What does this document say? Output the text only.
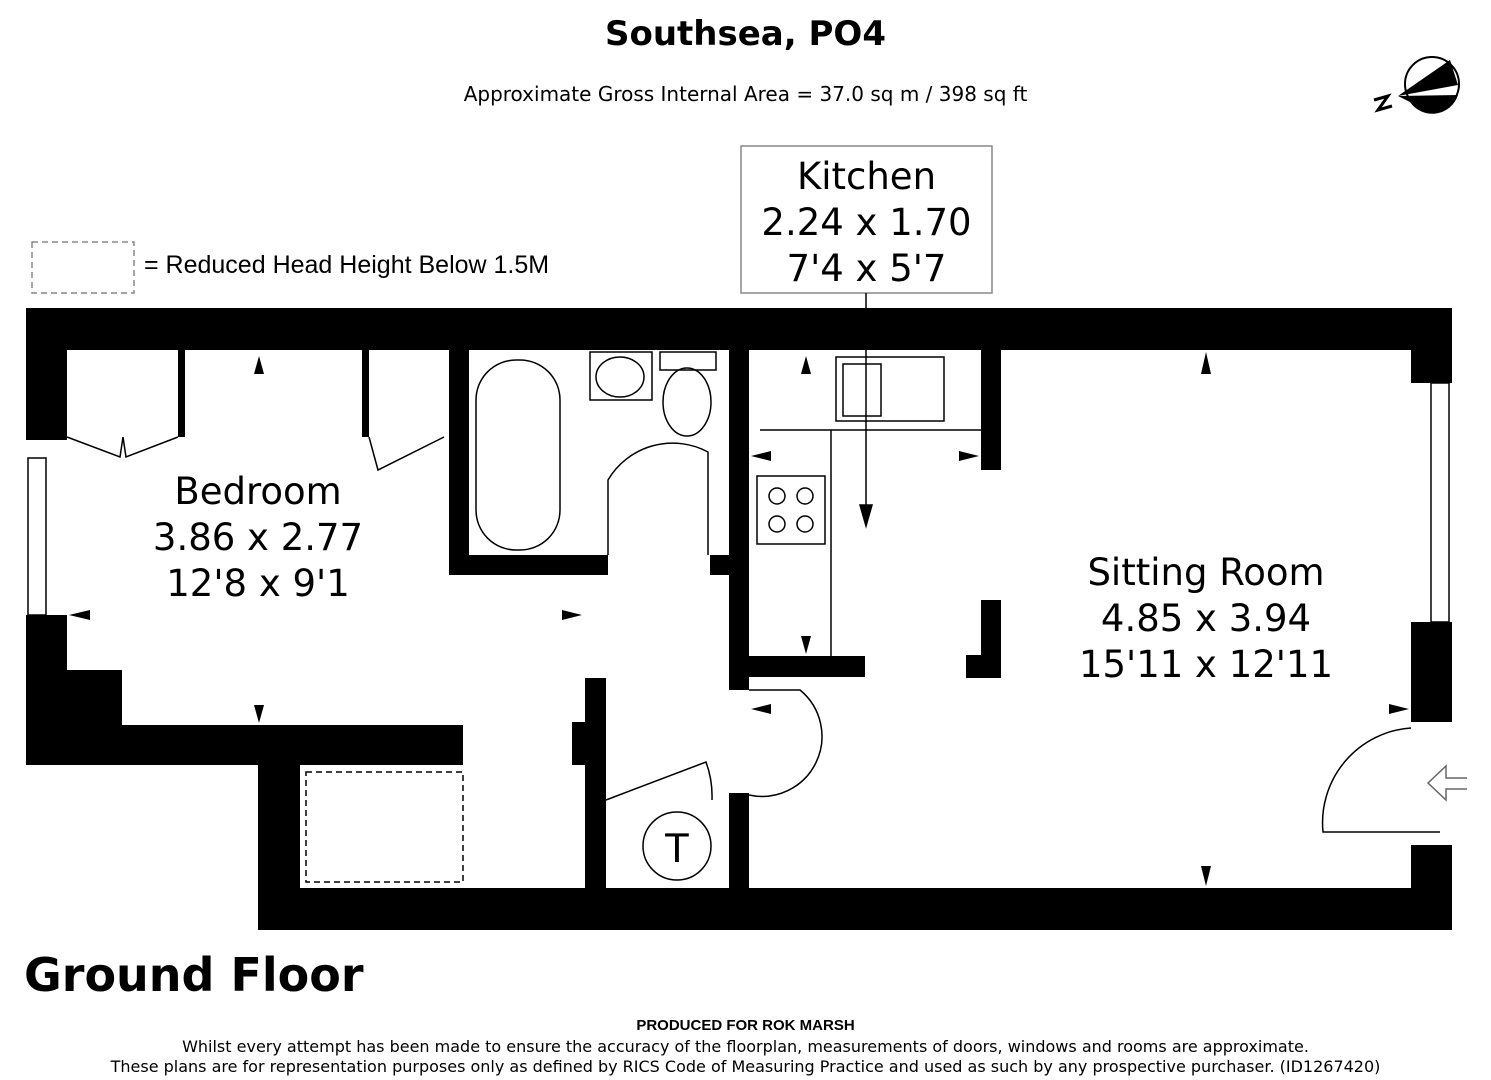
T
Southsea, PO4
Approximate Gross Internal Area = 37.0 sq m / 398 sq ft
= Reduced Head Height Below 1.5M
Kitchen
2.24 x 1.70
7'4 x 5'7
Bedroom
3.86 x 2.77
12'8 x 9'1	Sitting Room
4.85 x 3.94
15'11 x 12'11
Ground Floor
PRODUCED FOR ROK MARSH
Whilst every attempt has been made to ensure the accuracy of the floorplan, measurements of doors, windows and rooms are approximate.
These plans are for representation purposes only as defined by RICS Code of Measuring Practice and used as such by any prospective purchaser. (ID1267420)
